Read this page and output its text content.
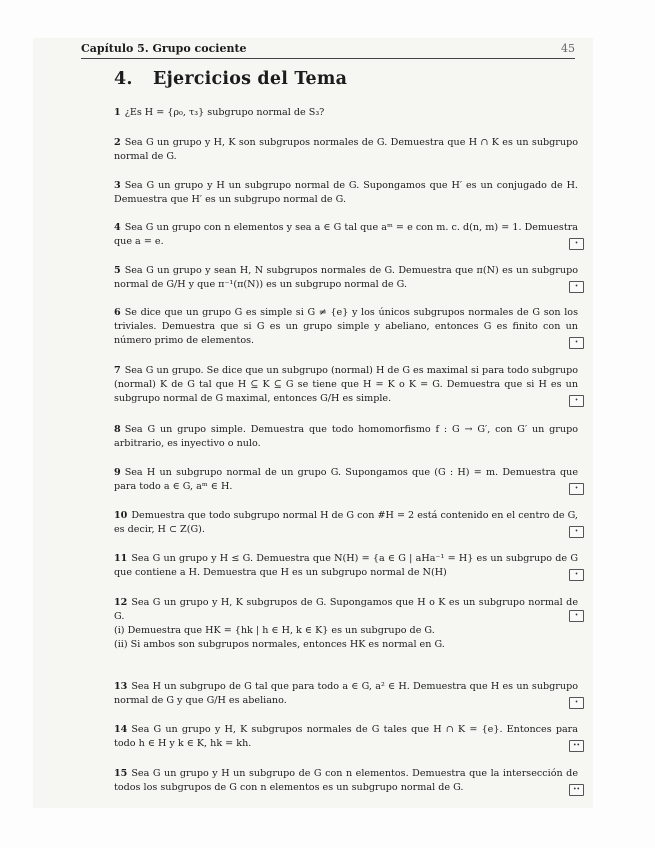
Capítulo 5. Grupo cociente	45
4. Ejercicios del Tema
1 ¿Es H = {ρ₀, τ₃} subgrupo normal de S₃?
2 Sea G un grupo y H, K son subgrupos normales de G. Demuestra que H ∩ K es un subgrupo normal de G.
3 Sea G un grupo y H un subgrupo normal de G. Supongamos que H′ es un conjugado de H. Demuestra que H′ es un subgrupo normal de G.
4 Sea G un grupo con n elementos y sea a ∈ G tal que aᵐ = e con m. c. d(n, m) = 1. Demuestra que a = e.	•
5 Sea G un grupo y sean H, N subgrupos normales de G. Demuestra que π(N) es un subgrupo normal de G/H y que π⁻¹(π(N)) es un subgrupo normal de G.	•
6 Se dice que un grupo G es simple si G ≠ {e} y los únicos subgrupos normales de G son los triviales. Demuestra que si G es un grupo simple y abeliano, entonces G es finito con un número primo de elementos.	•
7 Sea G un grupo. Se dice que un subgrupo (normal) H de G es maximal si para todo subgrupo (normal) K de G tal que H ⊆ K ⊆ G se tiene que H = K o K = G. Demuestra que si H es un subgrupo normal de G maximal, entonces G/H es simple.	•
8 Sea G un grupo simple. Demuestra que todo homomorfismo f : G → G′, con G′ un grupo arbitrario, es inyectivo o nulo.
9 Sea H un subgrupo normal de un grupo G. Supongamos que (G : H) = m. Demuestra que para todo a ∈ G, aᵐ ∈ H.	•
10 Demuestra que todo subgrupo normal H de G con #H = 2 está contenido en el centro de G, es decir, H ⊂ Z(G).	•
11 Sea G un grupo y H ≤ G. Demuestra que N(H) = {a ∈ G | aHa⁻¹ = H} es un subgrupo de G que contiene a H. Demuestra que H es un subgrupo normal de N(H)	•
12 Sea G un grupo y H, K subgrupos de G. Supongamos que H o K es un subgrupo normal de G.	•
(i) Demuestra que HK = {hk | h ∈ H, k ∈ K} es un subgrupo de G.
(ii) Si ambos son subgrupos normales, entonces HK es normal en G.
13 Sea H un subgrupo de G tal que para todo a ∈ G, a² ∈ H. Demuestra que H es un subgrupo normal de G y que G/H es abeliano.	•
14 Sea G un grupo y H, K subgrupos normales de G tales que H ∩ K = {e}. Entonces para todo h ∈ H y k ∈ K, hk = kh.	••
15 Sea G un grupo y H un subgrupo de G con n elementos. Demuestra que la intersección de todos los subgrupos de G con n elementos es un subgrupo normal de G.	••
